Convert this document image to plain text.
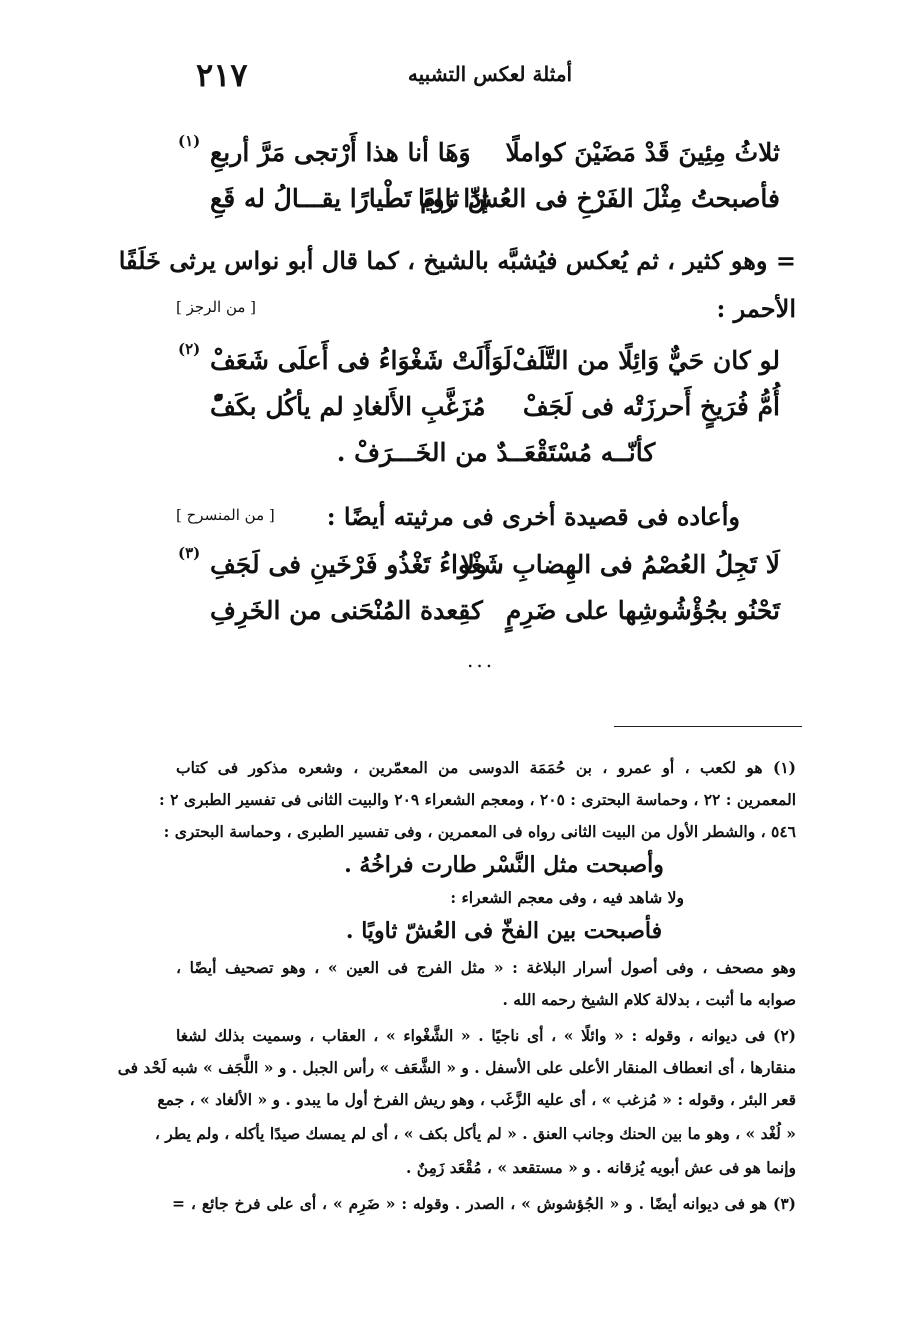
٢١٧	أمثلة لعكس التشبيه
ثلاثُ مِئِينَ قَدْ مَضَيْنَ كواملًا
وَهَا أنا هذا أَرْتجى مَرَّ أربعِ
(١)
فأصبحتُ مِثْلَ الفَرْخِ فى العُشِّ ثاويًا
إذا رَام تَطْيارًا يقـــالُ له قَعِ
= وهو كثير ، ثم يُعكس فيُشبَّه بالشيخ ، كما قال أبو نواس يرثى خَلَفًا
الأحمر :
[ من الرجز ]
(٢)	لو كان حَيٌّ وَائِلًا من التَّلَفْ
لَوَأَلَتْ شَغْوَاءُ فى أَعلَى شَعَفْ
أُمُّ فُرَيخٍ أَحرزَتْه فى لَجَفْ
مُزَغَّبِ الأَلغادِ لم يأكُل بكَفّْ
كأنّــه مُسْتَقْعَــدٌ من الخَـــرَفْ .
وأعاده فى قصيدة أخرى فى مرثيته أيضًا :
[ من المنسرح ]
(٣)	لَا تَجِلُ العُصْمُ فى الهِضابِ ، ولا
شَغْواءُ تَغْذُو فَرْخَينِ فى لَجَفِ
تَحْنُو بجُؤْشُوشِها على ضَرِمٍ
كقِعدة المُنْحَنى من الخَرِفِ
...
(١) هو لكعب ، أو عمرو ، بن حُمَمَة الدوسى من المعمّرين ، وشعره مذكور فى كتاب
المعمرين : ٢٢ ، وحماسة البحترى : ٢٠٥ ، ومعجم الشعراء ٢٠٩ والبيت الثانى فى تفسير الطبرى ٢ :
٥٤٦ ، والشطر الأول من البيت الثانى رواه فى المعمرين ، وفى تفسير الطبرى ، وحماسة البحترى :
وأصبحت مثل النَّسْر طارت فراخُهُ .
ولا شاهد فيه ، وفى معجم الشعراء :
فأصبحت بين الفخّ فى العُشّ ثاويًا .
وهو مصحف ، وفى أصول أسرار البلاغة : « مثل الفرج فى العين » ، وهو تصحيف أيضًا ،
صوابه ما أثبت ، بدلالة كلام الشيخ رحمه الله .
(٢) فى ديوانه ، وقوله : « وائلًا » ، أى ناجيًا . « الشَّغْواء » ، العقاب ، وسميت بذلك لشغا
منقارها ، أى انعطاف المنقار الأعلى على الأسفل . و « الشَّعَف » رأس الجبل . و « اللَّجَف » شبه لَحْد فى
قعر البئر ، وقوله : « مُزغب » ، أى عليه الزَّغَب ، وهو ريش الفرخ أول ما يبدو . و « الألغاد » ، جمع
« لُغْد » ، وهو ما بين الحنك وجانب العنق . « لم يأكل بكف » ، أى لم يمسك صيدًا يأكله ، ولم يطر ،
وإنما هو فى عش أبويه يُزقانه . و « مستقعد » ، مُقْعَد زَمِنٌ .
(٣) هو فى ديوانه أيضًا . و « الجُؤشوش » ، الصدر . وقوله : « ضَرِم » ، أى على فرخ جائع ، =
